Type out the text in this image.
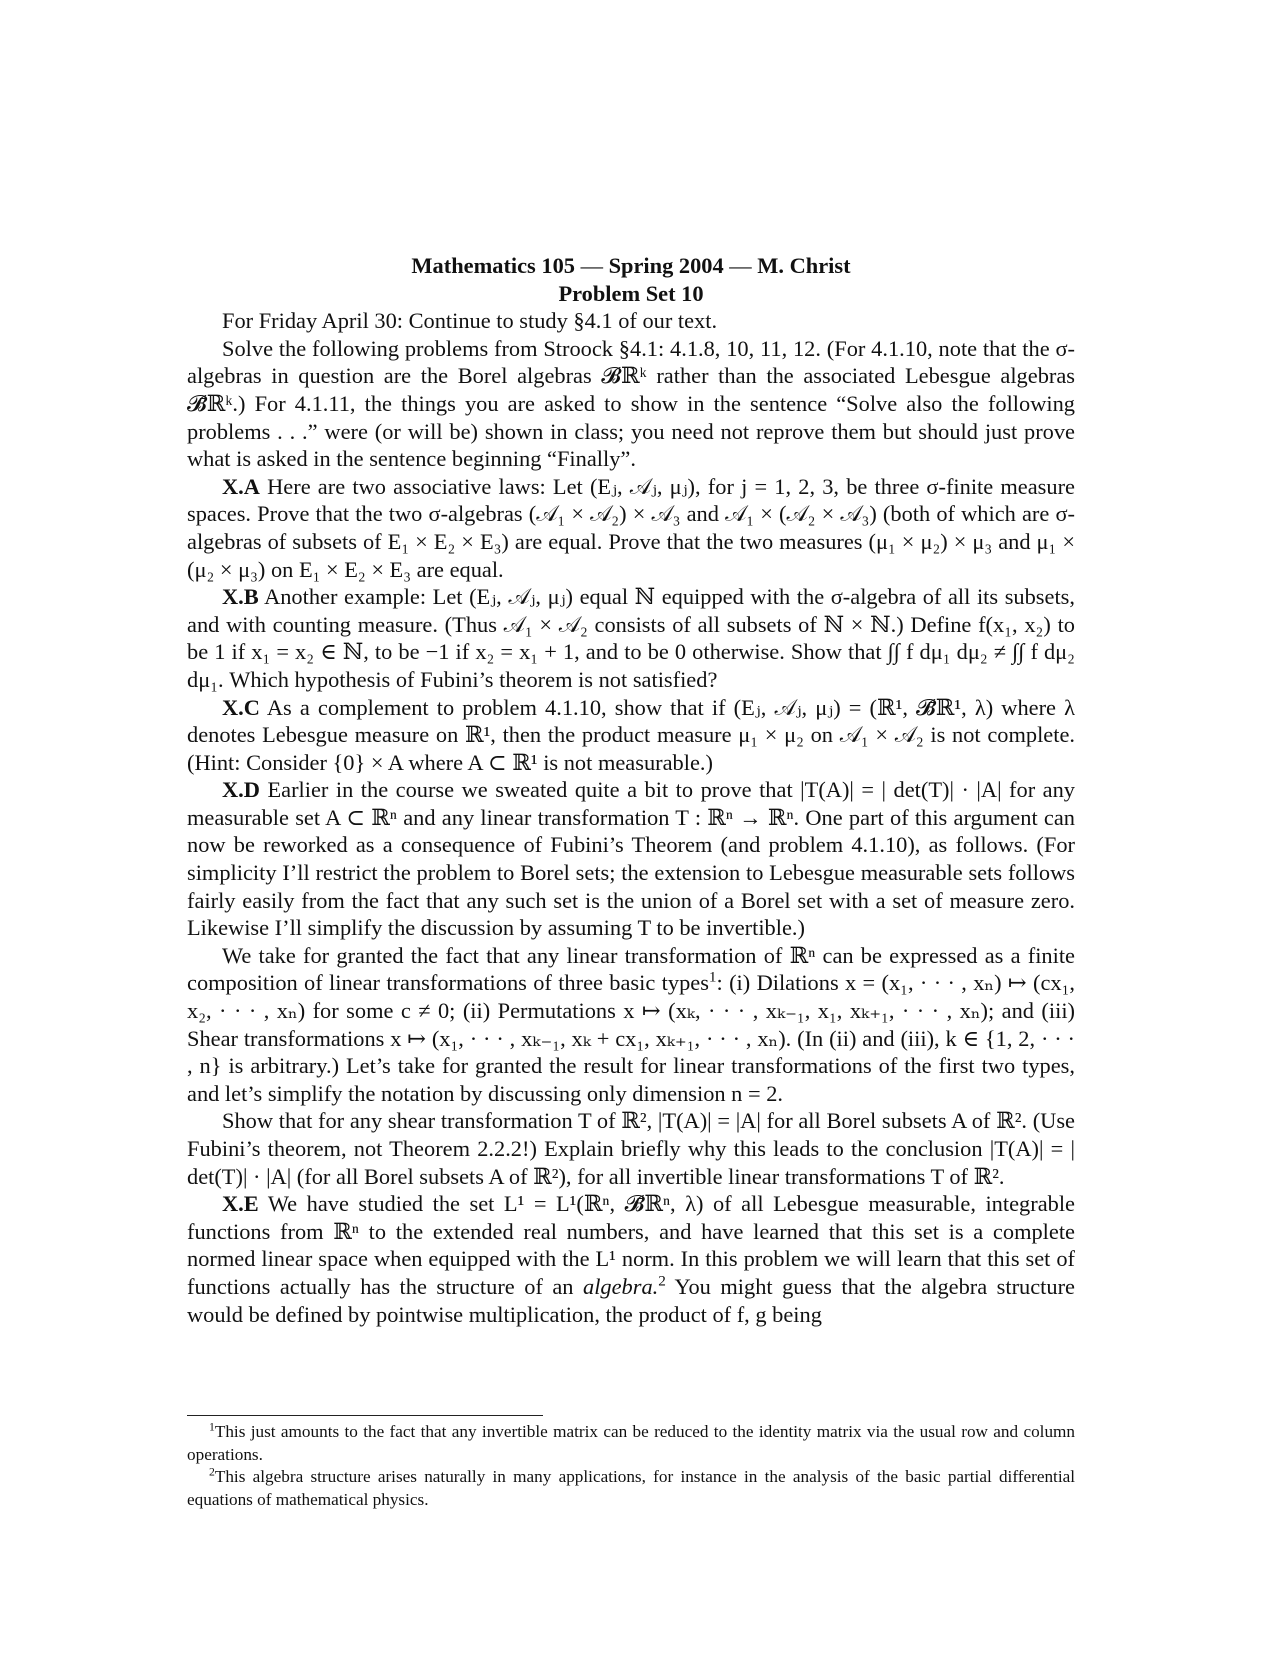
Mathematics 105 — Spring 2004 — M. Christ
Problem Set 10

For Friday April 30: Continue to study §4.1 of our text.

Solve the following problems from Stroock §4.1: 4.1.8, 10, 11, 12. (For 4.1.10, note that the σ-algebras in question are the Borel algebras 𝓑ℝᵏ rather than the associated Lebesgue algebras 𝓑̄ℝᵏ.) For 4.1.11, the things you are asked to show in the sentence “Solve also the following problems . . .” were (or will be) shown in class; you need not reprove them but should just prove what is asked in the sentence beginning “Finally”.

X.A Here are two associative laws: Let (Eⱼ, 𝒜ⱼ, μⱼ), for j = 1, 2, 3, be three σ-finite measure spaces. Prove that the two σ-algebras (𝒜₁ × 𝒜₂) × 𝒜₃ and 𝒜₁ × (𝒜₂ × 𝒜₃) (both of which are σ-algebras of subsets of E₁ × E₂ × E₃) are equal. Prove that the two measures (μ₁ × μ₂) × μ₃ and μ₁ × (μ₂ × μ₃) on E₁ × E₂ × E₃ are equal.

X.B Another example: Let (Eⱼ, 𝒜ⱼ, μⱼ) equal ℕ equipped with the σ-algebra of all its subsets, and with counting measure. (Thus 𝒜₁ × 𝒜₂ consists of all subsets of ℕ × ℕ.) Define f(x₁, x₂) to be 1 if x₁ = x₂ ∈ ℕ, to be −1 if x₂ = x₁ + 1, and to be 0 otherwise. Show that ∫∫ f dμ₁ dμ₂ ≠ ∫∫ f dμ₂ dμ₁. Which hypothesis of Fubini’s theorem is not satisfied?

X.C As a complement to problem 4.1.10, show that if (Eⱼ, 𝒜ⱼ, μⱼ) = (ℝ¹, 𝓑̄ℝ¹, λ) where λ denotes Lebesgue measure on ℝ¹, then the product measure μ₁ × μ₂ on 𝒜₁ × 𝒜₂ is not complete. (Hint: Consider {0} × A where A ⊂ ℝ¹ is not measurable.)

X.D Earlier in the course we sweated quite a bit to prove that |T(A)| = | det(T)| · |A| for any measurable set A ⊂ ℝⁿ and any linear transformation T : ℝⁿ → ℝⁿ. One part of this argument can now be reworked as a consequence of Fubini’s Theorem (and problem 4.1.10), as follows. (For simplicity I’ll restrict the problem to Borel sets; the extension to Lebesgue measurable sets follows fairly easily from the fact that any such set is the union of a Borel set with a set of measure zero. Likewise I’ll simplify the discussion by assuming T to be invertible.)

We take for granted the fact that any linear transformation of ℝⁿ can be expressed as a finite composition of linear transformations of three basic types$^1$: (i) Dilations x = (x₁, · · · , xₙ) ↦ (cx₁, x₂, · · · , xₙ) for some c ≠ 0; (ii) Permutations x ↦ (xₖ, · · · , xₖ₋₁, x₁, xₖ₊₁, · · · , xₙ); and (iii) Shear transformations x ↦ (x₁, · · · , xₖ₋₁, xₖ + cx₁, xₖ₊₁, · · · , xₙ). (In (ii) and (iii), k ∈ {1, 2, · · · , n} is arbitrary.) Let’s take for granted the result for linear transformations of the first two types, and let’s simplify the notation by discussing only dimension n = 2.

Show that for any shear transformation T of ℝ², |T(A)| = |A| for all Borel subsets A of ℝ². (Use Fubini’s theorem, not Theorem 2.2.2!) Explain briefly why this leads to the conclusion |T(A)| = | det(T)| · |A| (for all Borel subsets A of ℝ²), for all invertible linear transformations T of ℝ².

X.E We have studied the set L¹ = L¹(ℝⁿ, 𝓑̄ℝⁿ, λ) of all Lebesgue measurable, integrable functions from ℝⁿ to the extended real numbers, and have learned that this set is a complete normed linear space when equipped with the L¹ norm. In this problem we will learn that this set of functions actually has the structure of an algebra.$^2$ You might guess that the algebra structure would be defined by pointwise multiplication, the product of f, g being

$^1$This just amounts to the fact that any invertible matrix can be reduced to the identity matrix via the usual row and column operations.

$^2$This algebra structure arises naturally in many applications, for instance in the analysis of the basic partial differential equations of mathematical physics.
